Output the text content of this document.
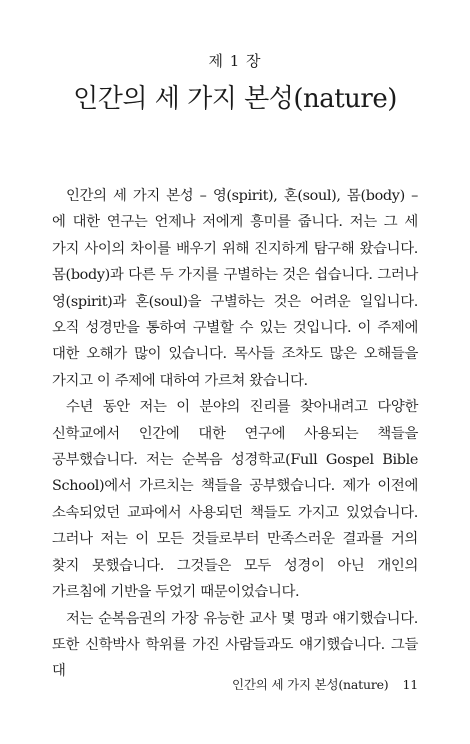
제 1 장
인간의 세 가지 본성(nature)

인간의 세 가지 본성 – 영(spirit), 혼(soul), 몸(body) – 에 대한 연구는 언제나 저에게 흥미를 줍니다. 저는 그 세 가지 사이의 차이를 배우기 위해 진지하게 탐구해 왔습니다. 몸(body)과 다른 두 가지를 구별하는 것은 쉽습니다. 그러나 영(spirit)과 혼(soul)을 구별하는 것은 어려운 일입니다. 오직 성경만을 통하여 구별할 수 있는 것입니다. 이 주제에 대한 오해가 많이 있습니다. 목사들 조차도 많은 오해들을 가지고 이 주제에 대하여 가르쳐 왔습니다.

수년 동안 저는 이 분야의 진리를 찾아내려고 다양한 신학교에서 인간에 대한 연구에 사용되는 책들을 공부했습니다. 저는 순복음 성경학교(Full Gospel Bible School)에서 가르치는 책들을 공부했습니다. 제가 이전에 소속되었던 교파에서 사용되던 책들도 가지고 있었습니다. 그러나 저는 이 모든 것들로부터 만족스러운 결과를 거의 찾지 못했습니다. 그것들은 모두 성경이 아닌 개인의 가르침에 기반을 두었기 때문이었습니다.

저는 순복음권의 가장 유능한 교사 몇 명과 얘기했습니다. 또한 신학박사 학위를 가진 사람들과도 얘기했습니다. 그들 대

인간의 세 가지 본성(nature) 11
